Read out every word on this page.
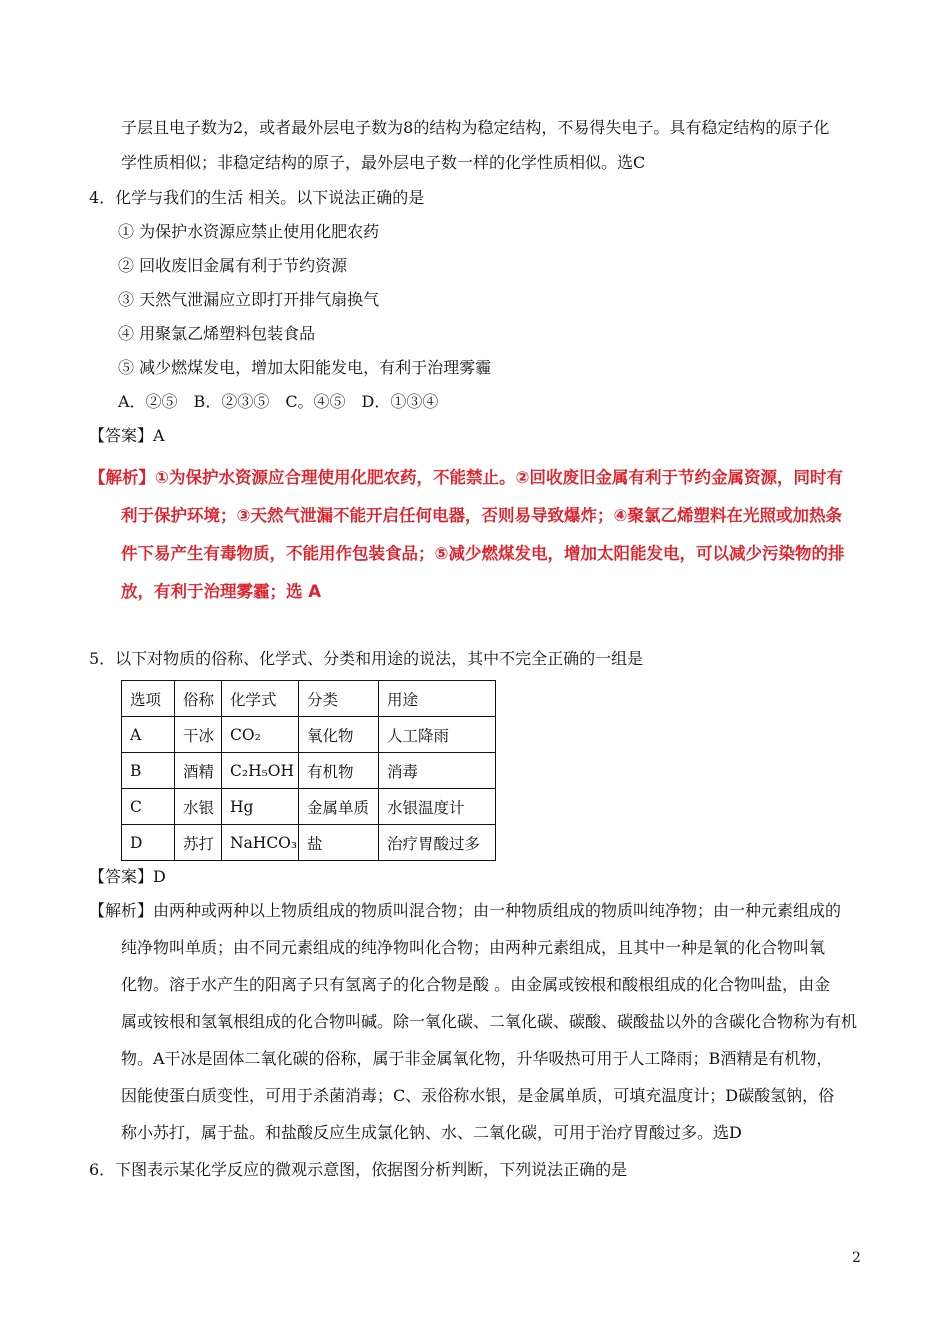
子层且电子数为2，或者最外层电子数为8的结构为稳定结构，不易得失电子。具有稳定结构的原子化
学性质相似；非稳定结构的原子，最外层电子数一样的化学性质相似。选C
4．化学与我们的生活 相关。以下说法正确的是
① 为保护水资源应禁止使用化肥农药
② 回收废旧金属有利于节约资源
③ 天然气泄漏应立即打开排气扇换气
④ 用聚氯乙烯塑料包装食品
⑤ 减少燃煤发电，增加太阳能发电，有利于治理雾霾
A．②⑤　B．②③⑤　C。④⑤　D．①③④
【答案】A
【解析】①为保护水资源应合理使用化肥农药，不能禁止。②回收废旧金属有利于节约金属资源，同时有
利于保护环境；③天然气泄漏不能开启任何电器，否则易导致爆炸；④聚氯乙烯塑料在光照或加热条
件下易产生有毒物质，不能用作包装食品；⑤减少燃煤发电，增加太阳能发电，可以减少污染物的排
放，有利于治理雾霾；选 A
5．以下对物质的俗称、化学式、分类和用途的说法，其中不完全正确的一组是
选项	俗称	化学式	分类	用途
A	干冰	CO₂	氧化物	人工降雨
B	酒精	C₂H₅OH	有机物	消毒
C	水银	Hg	金属单质	水银温度计
D	苏打	NaHCO₃	盐	治疗胃酸过多
【答案】D
【解析】由两种或两种以上物质组成的物质叫混合物；由一种物质组成的物质叫纯净物；由一种元素组成的
纯净物叫单质；由不同元素组成的纯净物叫化合物；由两种元素组成，且其中一种是氧的化合物叫氧
化物。溶于水产生的阳离子只有氢离子的化合物是酸 。由金属或铵根和酸根组成的化合物叫盐，由金
属或铵根和氢氧根组成的化合物叫碱。除一氧化碳、二氧化碳、碳酸、碳酸盐以外的含碳化合物称为有机
物。A干冰是固体二氧化碳的俗称，属于非金属氧化物，升华吸热可用于人工降雨；B酒精是有机物，
因能使蛋白质变性，可用于杀菌消毒；C、汞俗称水银，是金属单质，可填充温度计；D碳酸氢钠，俗
称小苏打，属于盐。和盐酸反应生成氯化钠、水、二氧化碳，可用于治疗胃酸过多。选D
6．下图表示某化学反应的微观示意图，依据图分析判断，下列说法正确的是
2
